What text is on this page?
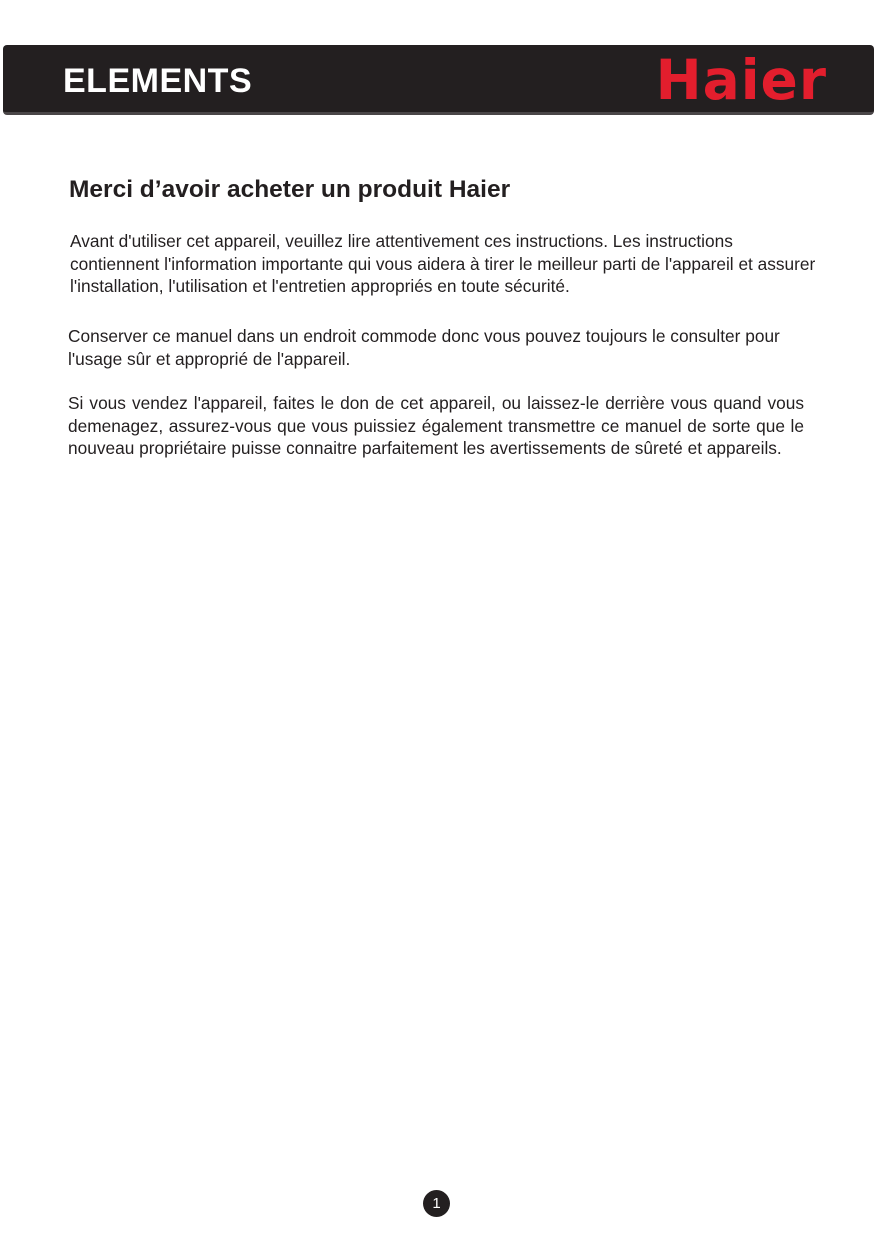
ELEMENTS	Haier
Merci d’avoir acheter un produit Haier

Avant d'utiliser cet appareil, veuillez lire attentivement ces instructions. Les instructions contiennent l'information importante qui vous aidera à tirer le meilleur parti de l'appareil et assurer l'installation, l'utilisation et l'entretien appropriés en toute sécurité.

Conserver ce manuel dans un endroit commode donc vous pouvez toujours le consulter pour l'usage sûr et approprié de l'appareil.

Si vous vendez l'appareil, faites le don de cet appareil, ou laissez-le derrière vous quand vous demenagez, assurez-vous que vous puissiez également transmettre ce manuel de sorte que le nouveau propriétaire puisse connaitre parfaitement les avertissements de sûreté et appareils.

1
